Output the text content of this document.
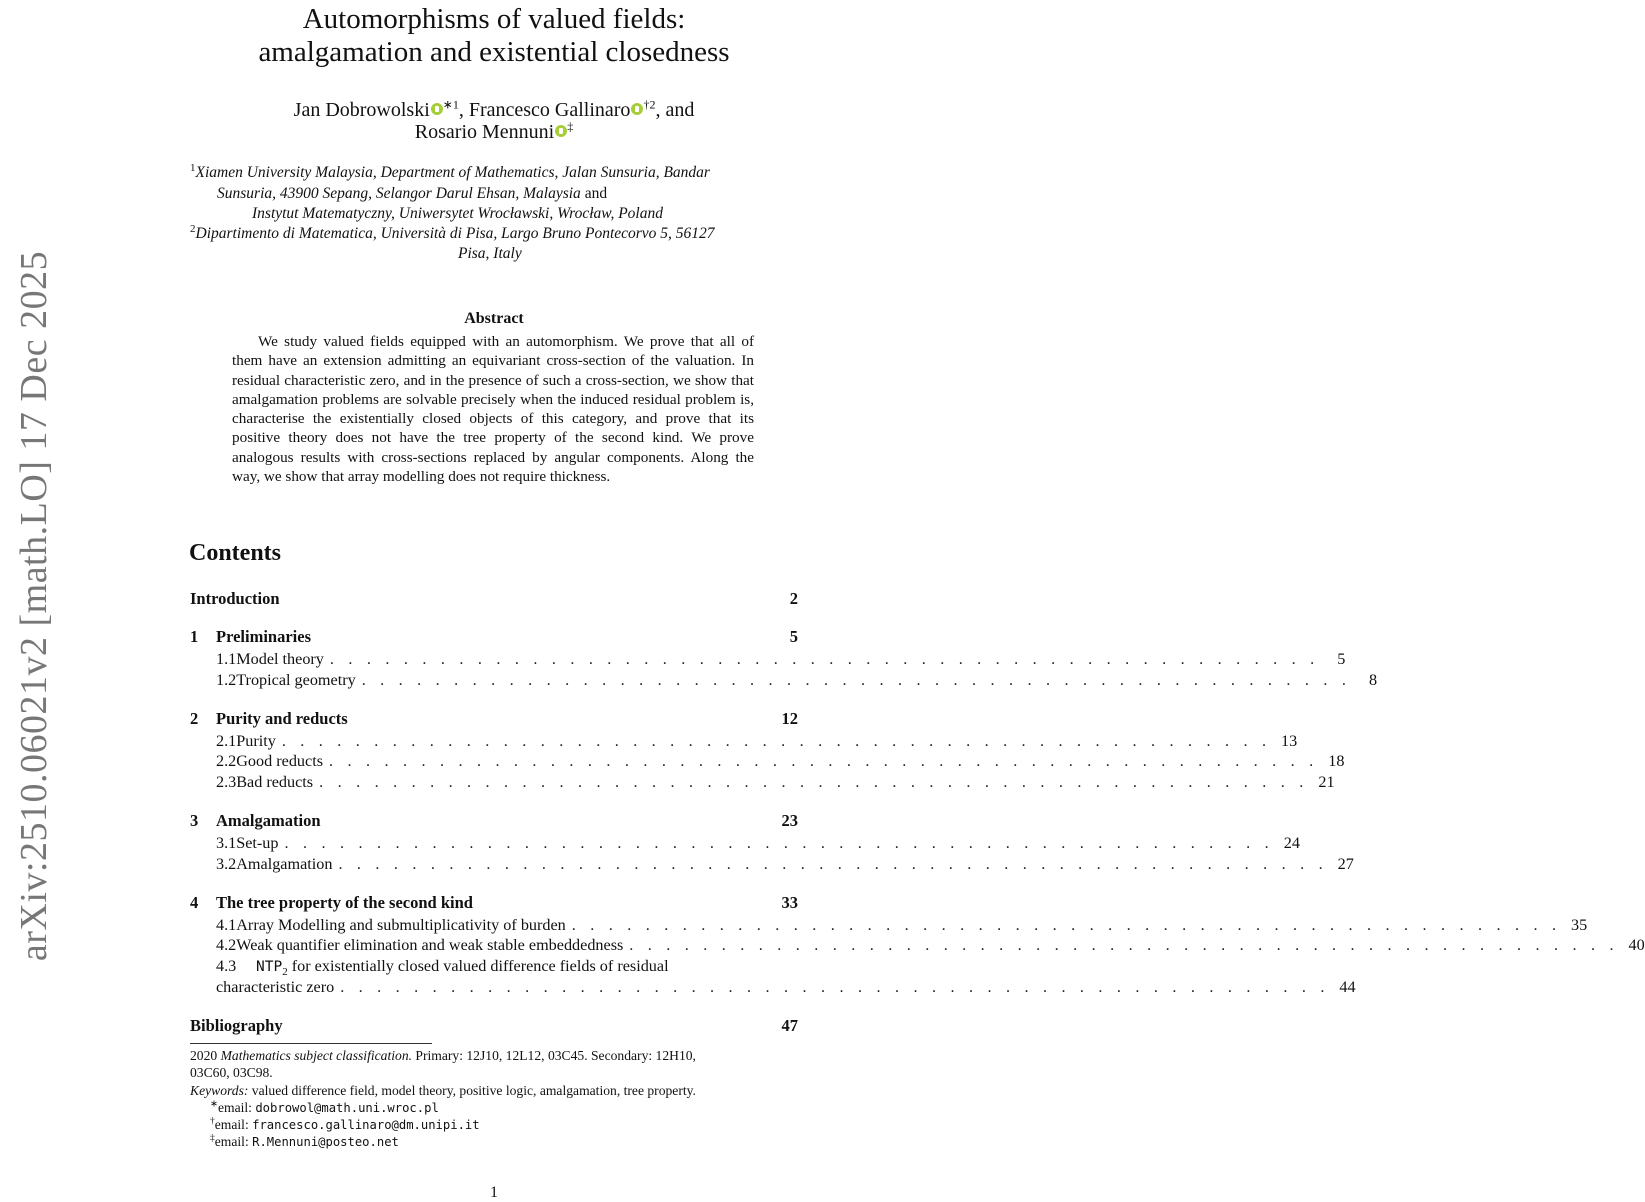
arXiv:2510.06021v2 [math.LO] 17 Dec 2025
Automorphisms of valued fields:
amalgamation and existential closedness
Jan Dobrowolski $^{∗1}$, Francesco Gallinaro $^{\dagger 2}$, and
Rosario Mennuni ‡
$^1$Xiamen University Malaysia, Department of Mathematics, Jalan Sunsuria, Bandar
Sunsuria, 43900 Sepang, Selangor Darul Ehsan, Malaysia and
Instytut Matematyczny, Uniwersytet Wrocławski, Wrocław, Poland
$^2$Dipartimento di Matematica, Università di Pisa, Largo Bruno Pontecorvo 5, 56127
Pisa, Italy
Abstract
We study valued fields equipped with an automorphism. We prove that all of them have an extension admitting an equivariant cross-section of the valuation. In residual characteristic zero, and in the presence of such a cross-section, we show that amalgamation problems are solvable precisely when the induced residual problem is, characterise the existentially closed objects of this category, and prove that its positive theory does not have the tree property of the second kind. We prove analogous results with cross-sections replaced by angular components. Along the way, we show that array modelling does not require thickness.
Contents
Introduction	2
1	Preliminaries	5
1.1 Model theory . . . . . . . . . . . . . . . . . . . . . . . . . . . . . . . . . . . . . . . . . . . . . . . . . . . . . .	5
1.2 Tropical geometry . . . . . . . . . . . . . . . . . . . . . . . . . . . . . . . . . . . . . . . . . . . . . . . . . . . . . .	8
2	Purity and reducts	12
2.1 Purity . . . . . . . . . . . . . . . . . . . . . . . . . . . . . . . . . . . . . . . . . . . . . . . . . . . . . . 13
2.2 Good reducts . . . . . . . . . . . . . . . . . . . . . . . . . . . . . . . . . . . . . . . . . . . . . . . . . . . . . . 18
2.3 Bad reducts . . . . . . . . . . . . . . . . . . . . . . . . . . . . . . . . . . . . . . . . . . . . . . . . . . . . . . 21
3	Amalgamation	23
3.1 Set-up . . . . . . . . . . . . . . . . . . . . . . . . . . . . . . . . . . . . . . . . . . . . . . . . . . . . . . 24
3.2 Amalgamation . . . . . . . . . . . . . . . . . . . . . . . . . . . . . . . . . . . . . . . . . . . . . . . . . . . . . . 27
4	The tree property of the second kind	33
4.1 Array Modelling and submultiplicativity of burden . . . . . . . . . . . . . . . . . . . . . . . . . . . . . . . . . . . . . . . . . . . . . . . . . . . . . . 35
4.2 Weak quantifier elimination and weak stable embeddedness . . . . . . . . . . . . . . . . . . . . . . . . . . . . . . . . . . . . . . . . . . . . . . . . . . . . . . 40
4.3	$NTP_2$ for existentially closed valued difference fields of residual
characteristic zero . . . . . . . . . . . . . . . . . . . . . . . . . . . . . . . . . . . . . . . . . . . . . . . . . . . . . . 44
Bibliography	47
2020 Mathematics subject classification. Primary: 12J10, 12L12, 03C45. Secondary: 12H10,
03C60, 03C98.
Keywords: valued difference field, model theory, positive logic, amalgamation, tree property.
∗email: dobrowol@math.uni.wroc.pl
†email: francesco.gallinaro@dm.unipi.it
‡email: R.Mennuni@posteo.net
1
